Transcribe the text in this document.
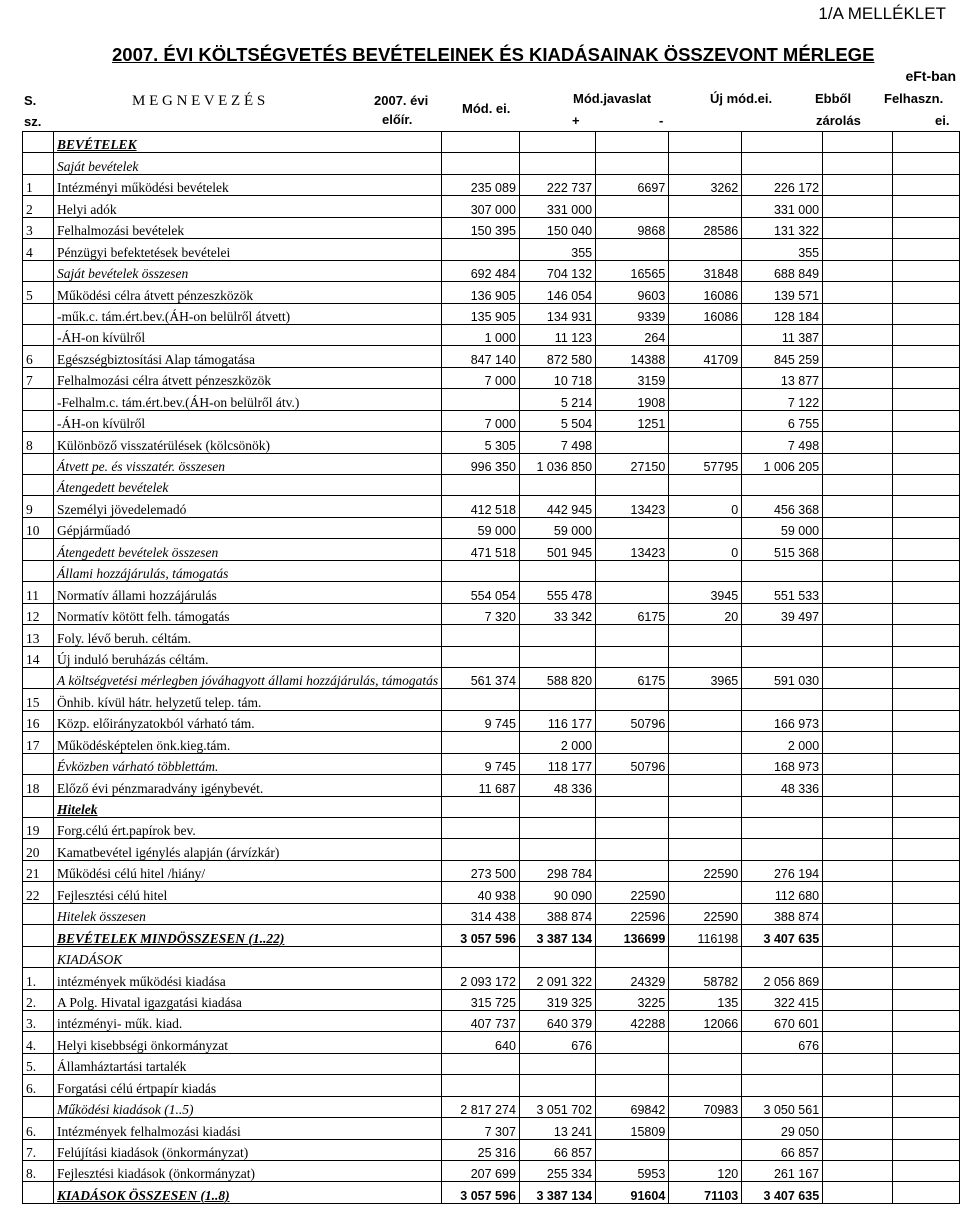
1/A MELLÉKLET
2007. ÉVI KÖLTSÉGVETÉS BEVÉTELEINEK ÉS KIADÁSAINAK ÖSSZEVONT MÉRLEGE
eFt-ban
S.
sz.
M E G N E V E Z É S	2007. évi
előír.
Mód. ei.
Mód.javaslat
+	-
Új mód.ei.	Ebből
zárolás
Felhaszn.
ei.
	BEVÉTELEK							
	Saját bevételek							
1	Intézményi működési bevételek	235 089	222 737	6697	3262	226 172		
2	Helyi adók	307 000	331 000			331 000		
3	Felhalmozási bevételek	150 395	150 040	9868	28586	131 322		
4	Pénzügyi befektetések bevételei		355			355		
	Saját bevételek összesen	692 484	704 132	16565	31848	688 849		
5	Működési célra átvett pénzeszközök	136 905	146 054	9603	16086	139 571		
	-műk.c. tám.ért.bev.(ÁH-on belülről átvett)	135 905	134 931	9339	16086	128 184		
	-ÁH-on kívülről	1 000	11 123	264		11 387		
6	Egészségbiztosítási Alap támogatása	847 140	872 580	14388	41709	845 259		
7	Felhalmozási célra átvett pénzeszközök	7 000	10 718	3159		13 877		
	-Felhalm.c. tám.ért.bev.(ÁH-on belülről átv.)		5 214	1908		7 122		
	-ÁH-on kívülről	7 000	5 504	1251		6 755		
8	Különböző visszatérülések (kölcsönök)	5 305	7 498			7 498		
	Átvett pe. és visszatér. összesen	996 350	1 036 850	27150	57795	1 006 205		
	Átengedett bevételek							
9	Személyi jövedelemadó	412 518	442 945	13423	0	456 368		
10	Gépjárműadó	59 000	59 000			59 000		
	Átengedett bevételek összesen	471 518	501 945	13423	0	515 368		
	Állami hozzájárulás, támogatás							
11	Normatív állami hozzájárulás	554 054	555 478		3945	551 533		
12	Normatív kötött felh. támogatás	7 320	33 342	6175	20	39 497		
13	Foly. lévő beruh. céltám.							
14	Új induló beruházás céltám.							
	A költségvetési mérlegben jóváhagyott állami hozzájárulás, támogatás	561 374	588 820	6175	3965	591 030		
15	Önhib. kívül hátr. helyzetű telep. tám.							
16	Közp. előirányzatokból várható tám.	9 745	116 177	50796		166 973		
17	Működésképtelen önk.kieg.tám.		2 000			2 000		
	Évközben várható többlettám.	9 745	118 177	50796		168 973		
18	Előző évi pénzmaradvány igénybevét.	11 687	48 336			48 336		
	Hitelek							
19	Forg.célú ért.papírok bev.							
20	Kamatbevétel igénylés alapján (árvízkár)							
21	Működési célú hitel /hiány/	273 500	298 784		22590	276 194		
22	Fejlesztési célú hitel	40 938	90 090	22590		112 680		
	Hitelek összesen	314 438	388 874	22596	22590	388 874		
	BEVÉTELEK MINDÖSSZESEN (1..22)	3 057 596	3 387 134	136699	116198	3 407 635		
	KIADÁSOK							
1.	intézmények működési kiadása	2 093 172	2 091 322	24329	58782	2 056 869		
2.	A Polg. Hivatal igazgatási kiadása	315 725	319 325	3225	135	322 415		
3.	intézményi- műk. kiad.	407 737	640 379	42288	12066	670 601		
4.	Helyi kisebbségi önkormányzat	640	676			676		
5.	Államháztartási tartalék							
6.	Forgatási célú értpapír kiadás							
	Működési kiadások (1..5)	2 817 274	3 051 702	69842	70983	3 050 561		
6.	Intézmények felhalmozási kiadási	7 307	13 241	15809		29 050		
7.	Felújítási kiadások (önkormányzat)	25 316	66 857			66 857		
8.	Fejlesztési kiadások (önkormányzat)	207 699	255 334	5953	120	261 167		
	KIADÁSOK ÖSSZESEN (1..8)	3 057 596	3 387 134	91604	71103	3 407 635		
